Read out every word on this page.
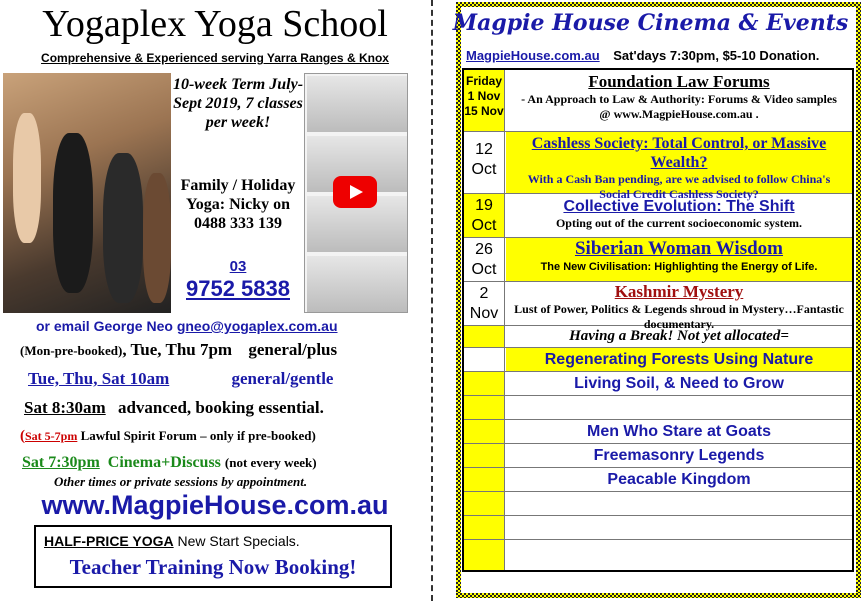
Yogaplex Yoga School
Comprehensive & Experienced serving Yarra Ranges & Knox
10-week Term July-Sept 2019, 7 classes per week!
Family / Holiday Yoga: Nicky on 0488 333 139
03
9752 5838
or email George Neo gneo@yogaplex.com.au
(Mon-pre-booked), Tue, Thu 7pm general/plus
Tue, Thu, Sat 10am	general/gentle
Sat 8:30am advanced, booking essential.
(Sat 5-7pm Lawful Spirit Forum – only if pre-booked)
Sat 7:30pm Cinema+Discuss (not every week)
Other times or private sessions by appointment.
www.MagpieHouse.com.au
HALF-PRICE YOGA New Start Specials.
Teacher Training Now Booking!
Magpie House Cinema & Events
MagpieHouse.com.au Sat'days 7:30pm, $5-10 Donation.
Friday 1 Nov 15 Nov
Foundation Law Forums
- An Approach to Law & Authority: Forums & Video samples @ www.MagpieHouse.com.au .
12 Oct
Cashless Society: Total Control, or Massive Wealth?
With a Cash Ban pending, are we advised to follow China's Social Credit Cashless Society?
19 Oct
Collective Evolution: The Shift
Opting out of the current socioeconomic system.
26 Oct
Siberian Woman Wisdom
The New Civilisation: Highlighting the Energy of Life.
2 Nov
Kashmir Mystery
Lust of Power, Politics & Legends shroud in Mystery…Fantastic documentary.
Having a Break! Not yet allocated=
Regenerating Forests Using Nature
Living Soil, & Need to Grow
Men Who Stare at Goats
Freemasonry Legends
Peacable Kingdom
